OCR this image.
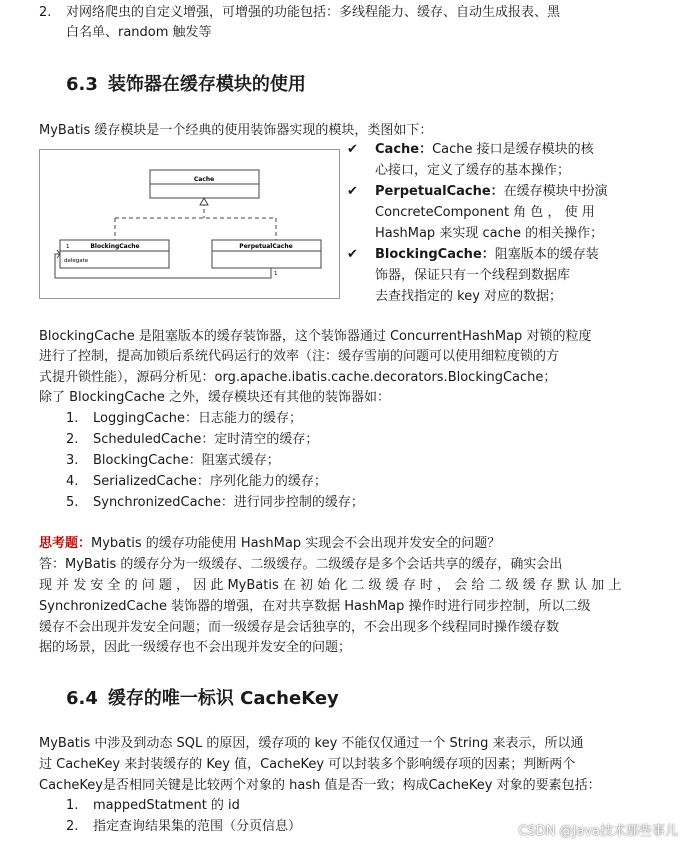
2. 对网络爬虫的自定义增强，可增强的功能包括：多线程能力、缓存、自动生成报表、黑
白名单、random 触发等
6.3 装饰器在缓存模块的使用
MyBatis 缓存模块是一个经典的使用装饰器实现的模块，类图如下：
Cache
BlockingCache
delegate
PerpetualCache
1
1
✔ Cache：Cache 接口是缓存模块的核
心接口，定义了缓存的基本操作；
✔ PerpetualCache：在缓存模块中扮演
ConcreteComponent 角 色 ， 使 用
HashMap 来实现 cache 的相关操作；
✔ BlockingCache：阻塞版本的缓存装
饰器，保证只有一个线程到数据库
去查找指定的 key 对应的数据；
BlockingCache 是阻塞版本的缓存装饰器，这个装饰器通过 ConcurrentHashMap 对锁的粒度
进行了控制，提高加锁后系统代码运行的效率（注：缓存雪崩的问题可以使用细粒度锁的方
式提升锁性能），源码分析见：org.apache.ibatis.cache.decorators.BlockingCache；
除了 BlockingCache 之外，缓存模块还有其他的装饰器如：
1. LoggingCache：日志能力的缓存；
2. ScheduledCache：定时清空的缓存；
3. BlockingCache：阻塞式缓存；
4. SerializedCache：序列化能力的缓存；
5. SynchronizedCache：进行同步控制的缓存；
思考题：Mybatis 的缓存功能使用 HashMap 实现会不会出现并发安全的问题？
答：MyBatis 的缓存分为一级缓存、二级缓存。二级缓存是多个会话共享的缓存，确实会出
现 并 发 安 全 的 问 题 ， 因 此 MyBatis 在 初 始 化 二 级 缓 存 时 ， 会 给 二 级 缓 存 默 认 加 上
SynchronizedCache 装饰器的增强，在对共享数据 HashMap 操作时进行同步控制，所以二级
缓存不会出现并发安全问题；而一级缓存是会话独享的，不会出现多个线程同时操作缓存数
据的场景，因此一级缓存也不会出现并发安全的问题；
6.4 缓存的唯一标识 CacheKey
MyBatis 中涉及到动态 SQL 的原因，缓存项的 key 不能仅仅通过一个 String 来表示，所以通
过 CacheKey 来封装缓存的 Key 值，CacheKey 可以封装多个影响缓存项的因素；判断两个
CacheKey是否相同关键是比较两个对象的 hash 值是否一致；构成CacheKey 对象的要素包括：
1. mappedStatment 的 id
2. 指定查询结果集的范围（分页信息）	CSDN @Java技术那些事儿
